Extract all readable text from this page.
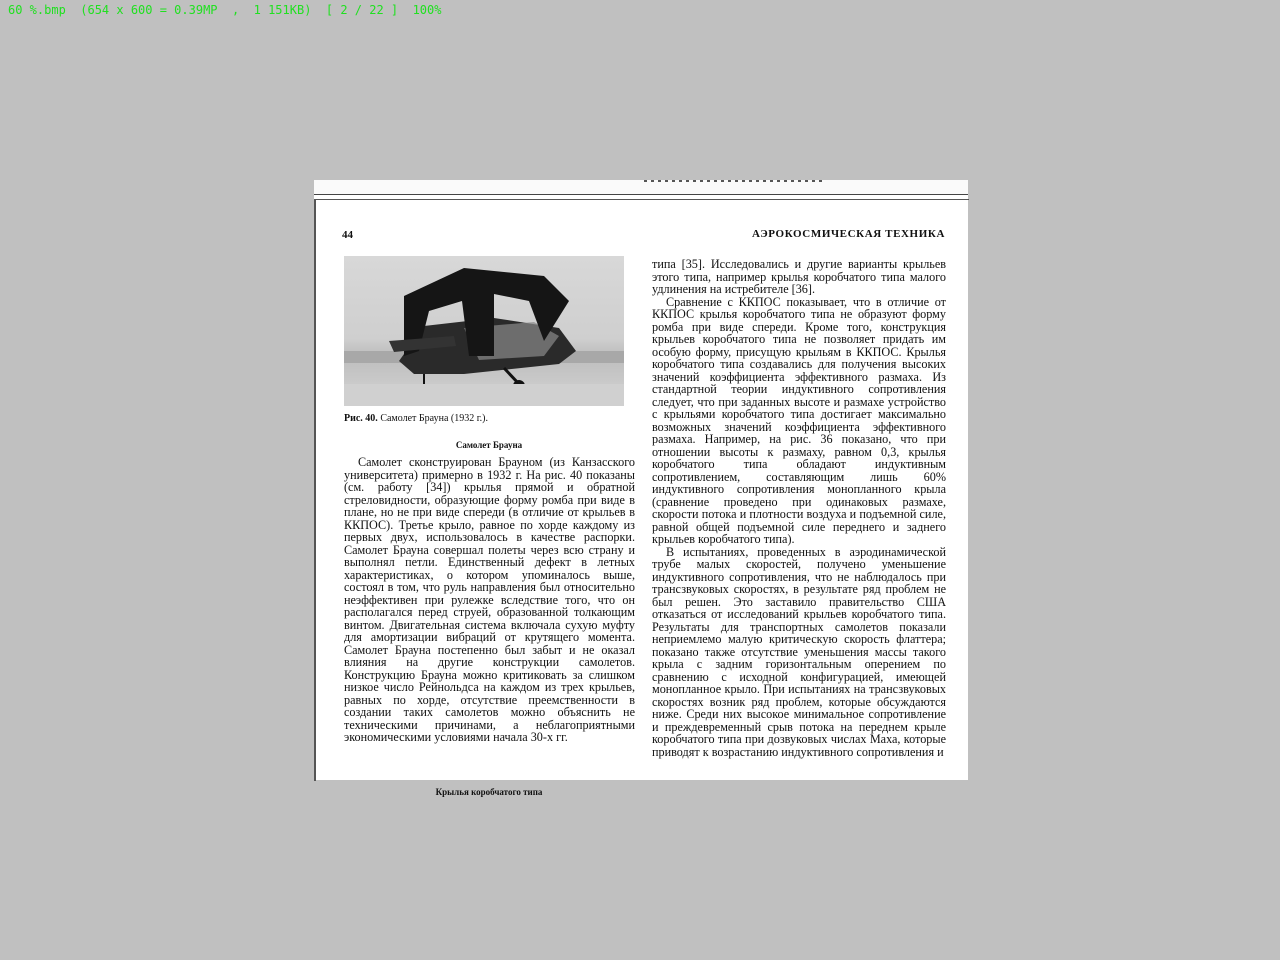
60 %.bmp  (654 x 600 = 0.39MP  ,  1 151KB)  [ 2 / 22 ]  100%
44	АЭРОКОСМИЧЕСКАЯ ТЕХНИКА
Рис. 40. Самолет Брауна (1932 г.).
Самолет Брауна

Самолет сконструирован Брауном (из Канзасского университета) примерно в 1932 г. На рис. 40 показаны (см. работу [34]) крылья прямой и обратной стреловидности, образующие форму ромба при виде в плане, но не при виде спереди (в отличие от крыльев в ККПОС). Третье крыло, равное по хорде каждому из первых двух, использовалось в качестве распорки. Самолет Брауна совершал полеты через всю страну и выполнял петли. Единственный дефект в летных характеристиках, о котором упоминалось выше, состоял в том, что руль направления был относительно неэффективен при рулежке вследствие того, что он располагался перед струей, образованной толкающим винтом. Двигательная система включала сухую муфту для амортизации вибраций от крутящего момента. Самолет Брауна постепенно был забыт и не оказал влияния на другие конструкции самолетов. Конструкцию Брауна можно критиковать за слишком низкое число Рейнольдса на каждом из трех крыльев, равных по хорде, отсутствие преемственности в создании таких самолетов можно объяснить не техническими причинами, а неблагоприятными экономическими условиями начала 30-х гг.

Крылья коробчатого типа

типа [35]. Исследовались и другие варианты крыльев этого типа, например крылья коробчатого типа малого удлинения на истребителе [36].

Сравнение с ККПОС показывает, что в отличие от ККПОС крылья коробчатого типа не образуют форму ромба при виде спереди. Кроме того, конструкция крыльев коробчатого типа не позволяет придать им особую форму, присущую крыльям в ККПОС. Крылья коробчатого типа создавались для получения высоких значений коэффициента эффективного размаха. Из стандартной теории индуктивного сопротивления следует, что при заданных высоте и размахе устройство с крыльями коробчатого типа достигает максимально возможных значений коэффициента эффективного размаха. Например, на рис. 36 показано, что при отношении высоты к размаху, равном 0,3, крылья коробчатого типа обладают индуктивным сопротивлением, составляющим лишь 60% индуктивного сопротивления монопланного крыла (сравнение проведено при одинаковых размахе, скорости потока и плотности воздуха и подъемной силе, равной общей подъемной силе переднего и заднего крыльев коробчатого типа).

В испытаниях, проведенных в аэродинамической трубе малых скоростей, получено уменьшение индуктивного сопротивления, что не наблюдалось при трансзвуковых скоростях, в результате ряд проблем не был решен. Это заставило правительство США отказаться от исследований крыльев коробчатого типа. Результаты для транспортных самолетов показали неприемлемо малую критическую скорость флаттера; показано также отсутствие уменьшения массы такого крыла с задним горизонтальным оперением по сравнению с исходной конфигурацией, имеющей монопланное крыло. При испытаниях на трансзвуковых скоростях возник ряд проблем, которые обсуждаются ниже. Среди них высокое минимальное сопротивление и преждевременный срыв потока на переднем крыле коробчатого типа при дозвуковых числах Маха, которые приводят к возрастанию индуктивного сопротивления и
